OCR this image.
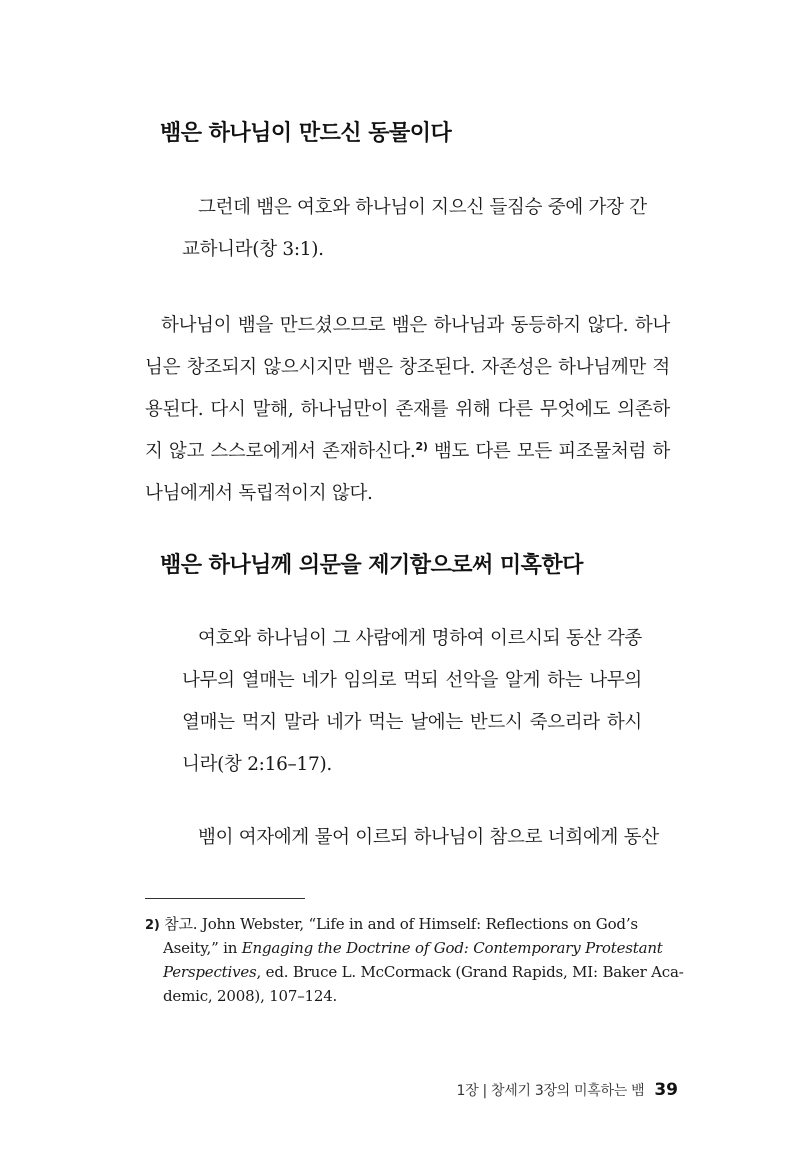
뱀은 하나님이 만드신 동물이다
그런데 뱀은 여호와 하나님이 지으신 들짐승 중에 가장 간
교하니라(창 3:1).
하나님이 뱀을 만드셨으므로 뱀은 하나님과 동등하지 않다. 하나
님은 창조되지 않으시지만 뱀은 창조된다. 자존성은 하나님께만 적
용된다. 다시 말해, 하나님만이 존재를 위해 다른 무엇에도 의존하
지 않고 스스로에게서 존재하신다.$^{2)}$ 뱀도 다른 모든 피조물처럼 하
나님에게서 독립적이지 않다.
뱀은 하나님께 의문을 제기함으로써 미혹한다
여호와 하나님이 그 사람에게 명하여 이르시되 동산 각종
나무의 열매는 네가 임의로 먹되 선악을 알게 하는 나무의
열매는 먹지 말라 네가 먹는 날에는 반드시 죽으리라 하시
니라(창 2:16–17).
뱀이 여자에게 물어 이르되 하나님이 참으로 너희에게 동산
2) 참고. John Webster, “Life in and of Himself: Reflections on God’s
Aseity,” in Engaging the Doctrine of God: Contemporary Protestant
Perspectives, ed. Bruce L. McCormack (Grand Rapids, MI: Baker Aca-
demic, 2008), 107–124.
1장 | 창세기 3장의 미혹하는 뱀 39
